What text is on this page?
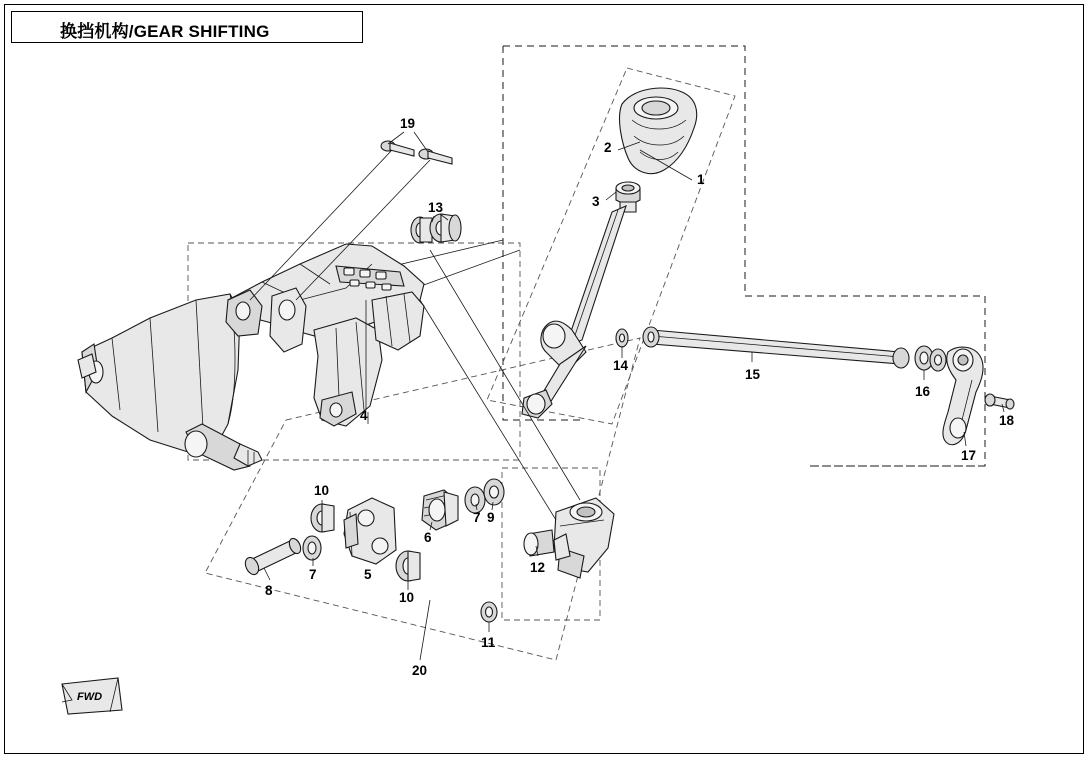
换挡机构/GEAR SHIFTING
FWD
1
2
3
4
5
6
7
7
8
9
10
10
11
12
13
14
15
16
17
18
19
20
